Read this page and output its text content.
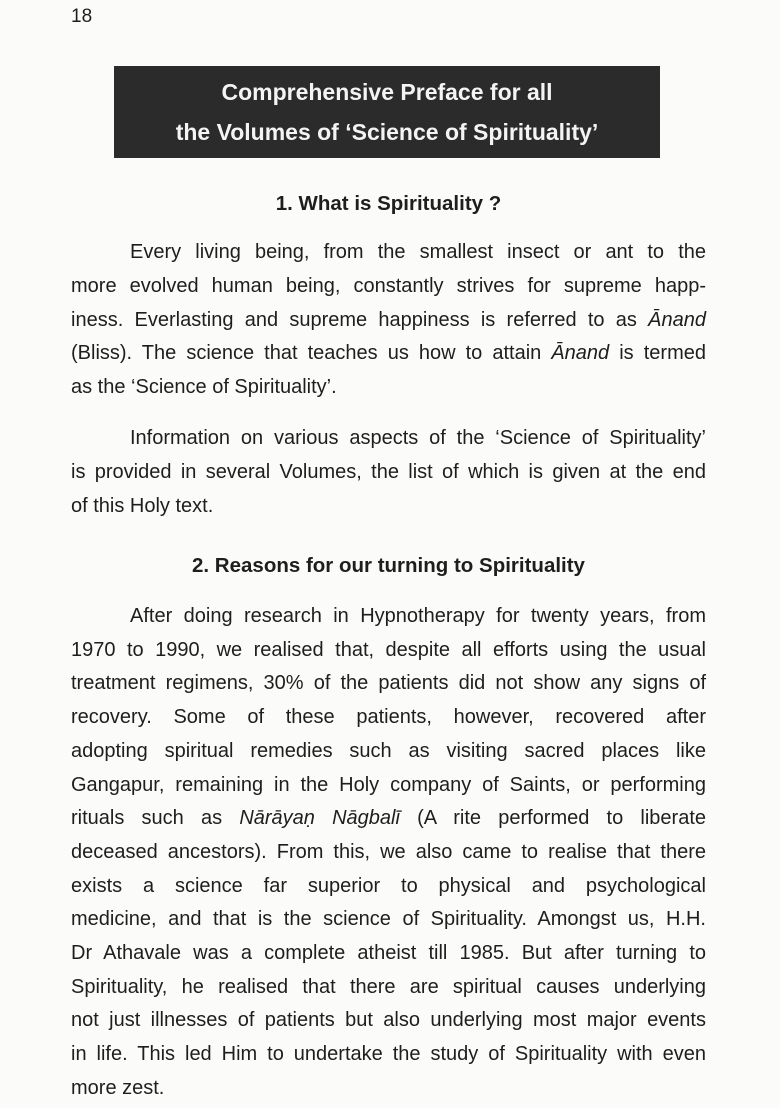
18
Comprehensive Preface for all
the Volumes of ‘Science of Spirituality’
1. What is Spirituality ?
Every living being, from the smallest insect or ant to the
more evolved human being, constantly strives for supreme happ-
iness. Everlasting and supreme happiness is referred to as Ānand
(Bliss). The science that teaches us how to attain Ānand is termed
as the ‘Science of Spirituality’.
Information on various aspects of the ‘Science of Spirituality’
is provided in several Volumes, the list of which is given at the end
of this Holy text.
2. Reasons for our turning to Spirituality
After doing research in Hypnotherapy for twenty years, from
1970 to 1990, we realised that, despite all efforts using the usual
treatment regimens, 30% of the patients did not show any signs of
recovery. Some of these patients, however, recovered after
adopting spiritual remedies such as visiting sacred places like
Gangapur, remaining in the Holy company of Saints, or performing
rituals such as Nārāyaṇ Nāgbalī (A rite performed to liberate
deceased ancestors). From this, we also came to realise that there
exists a science far superior to physical and psychological
medicine, and that is the science of Spirituality. Amongst us, H.H.
Dr Athavale was a complete atheist till 1985. But after turning to
Spirituality, he realised that there are spiritual causes underlying
not just illnesses of patients but also underlying most major events
in life. This led Him to undertake the study of Spirituality with even
more zest.
